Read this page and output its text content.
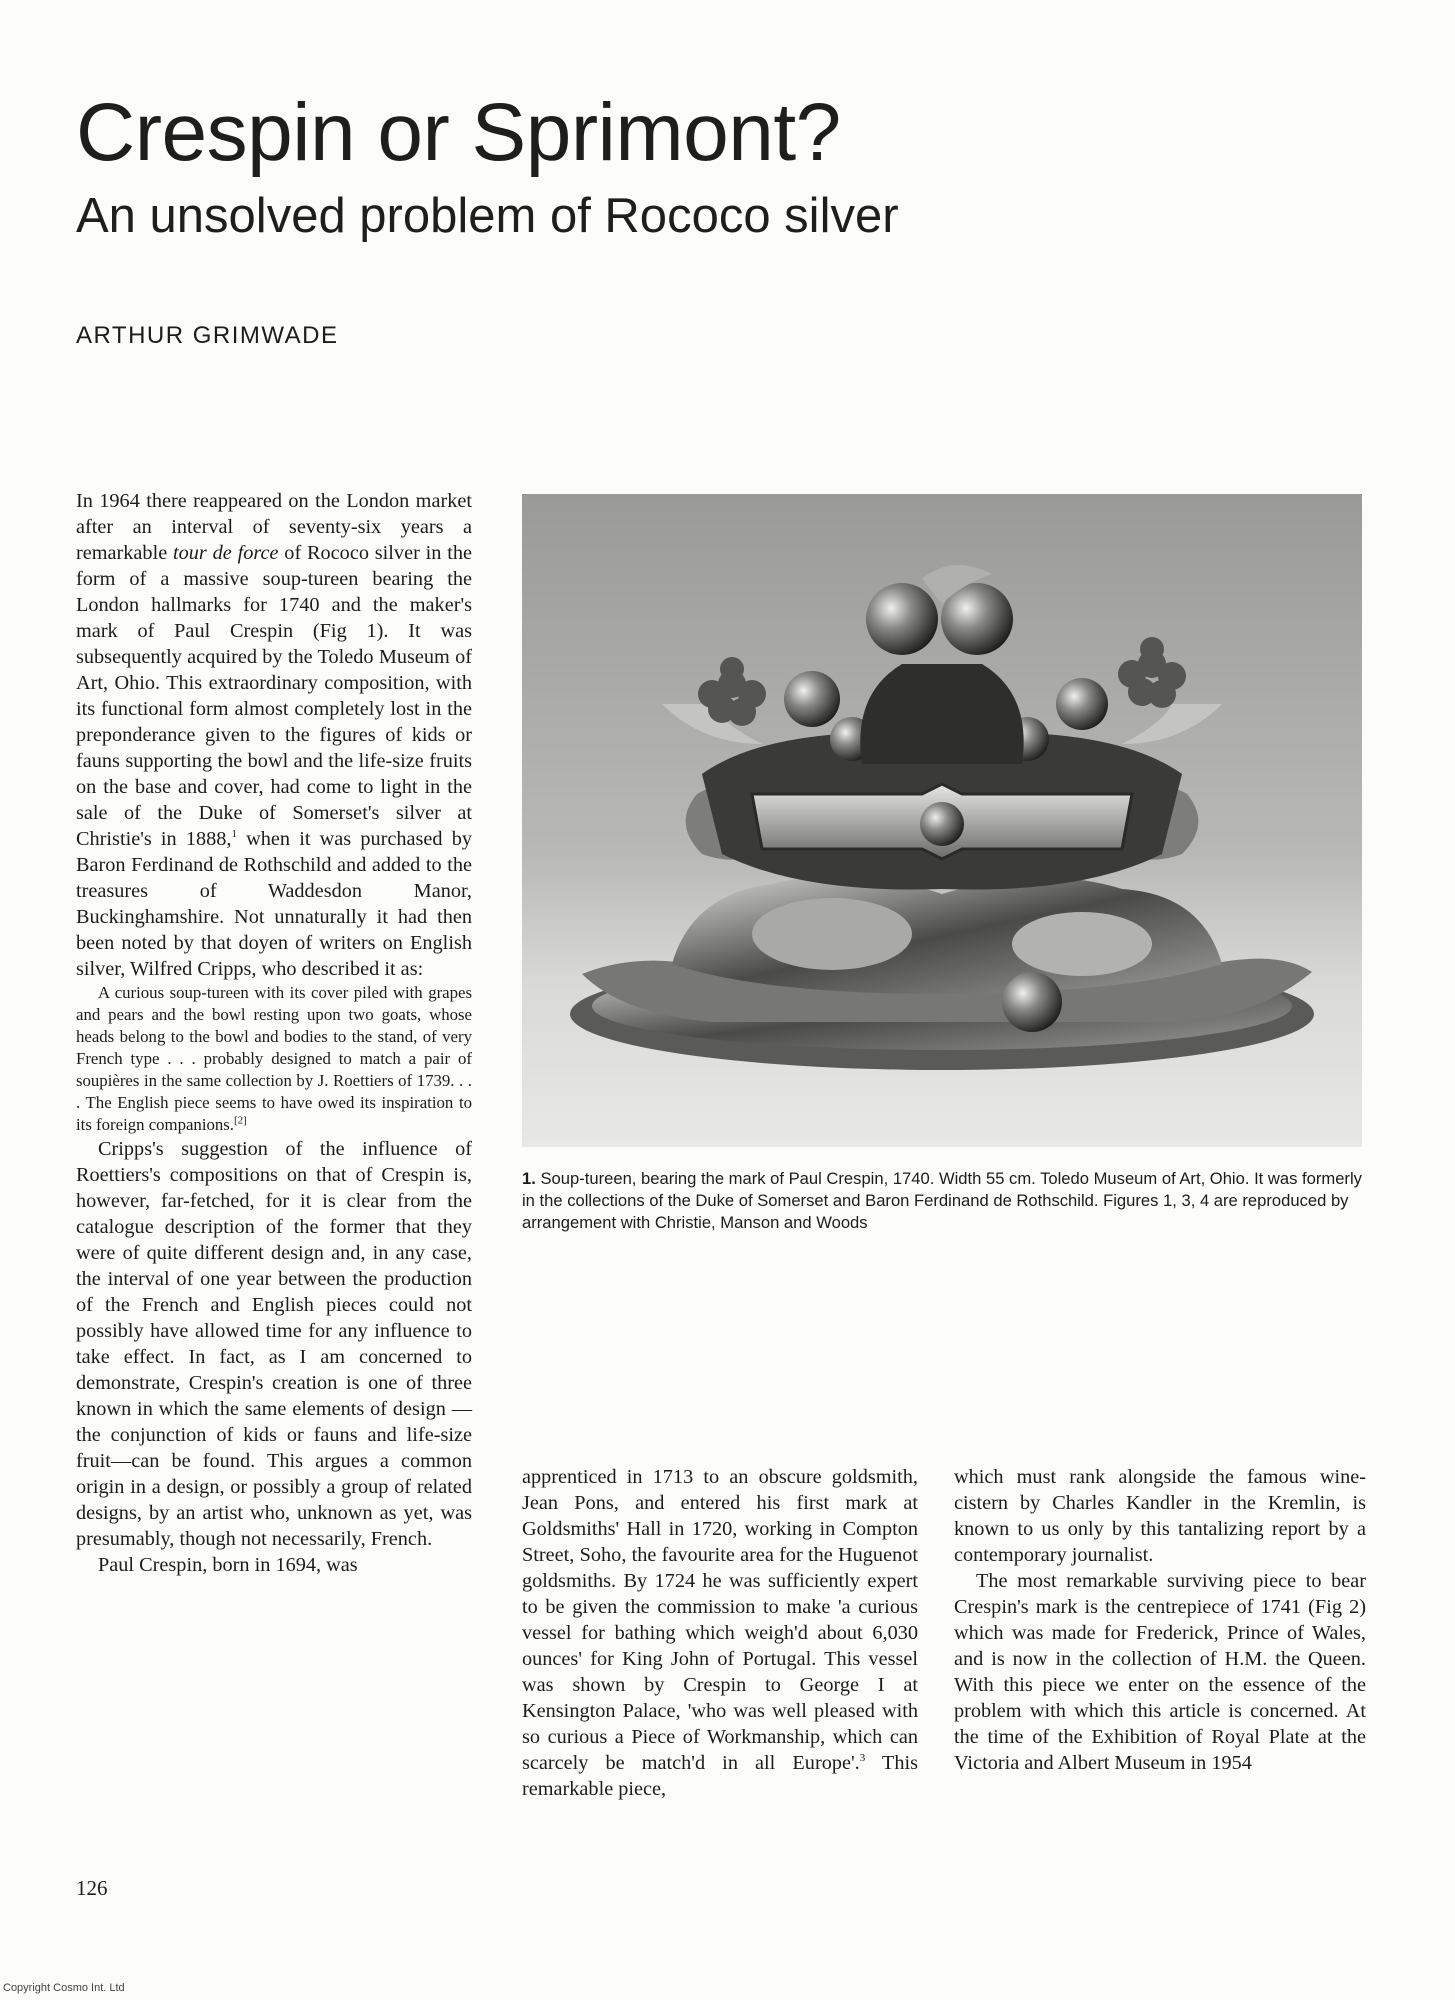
Crespin or Sprimont?
An unsolved problem of Rococo silver
ARTHUR GRIMWADE

In 1964 there reappeared on the London market after an interval of seventy-six years a remarkable tour de force of Rococo silver in the form of a massive soup-tureen bearing the London hallmarks for 1740 and the maker's mark of Paul Crespin (Fig 1). It was subsequently acquired by the Toledo Museum of Art, Ohio. This extraordinary composition, with its functional form almost completely lost in the preponderance given to the figures of kids or fauns supporting the bowl and the life-size fruits on the base and cover, had come to light in the sale of the Duke of Somerset's silver at Christie's in 1888,$^1$ when it was purchased by Baron Ferdinand de Rothschild and added to the treasures of Waddesdon Manor, Buckinghamshire. Not unnaturally it had then been noted by that doyen of writers on English silver, Wilfred Cripps, who described it as:

A curious soup-tureen with its cover piled with grapes and pears and the bowl resting upon two goats, whose heads belong to the bowl and bodies to the stand, of very French type . . . probably designed to match a pair of soupières in the same collection by J. Roettiers of 1739. . . . The English piece seems to have owed its inspiration to its foreign companions.[2]

Cripps's suggestion of the influence of Roettiers's compositions on that of Crespin is, however, far-fetched, for it is clear from the catalogue description of the former that they were of quite different design and, in any case, the interval of one year between the production of the French and English pieces could not possibly have allowed time for any influence to take effect. In fact, as I am concerned to demonstrate, Crespin's creation is one of three known in which the same elements of design —the conjunction of kids or fauns and life-size fruit—can be found. This argues a common origin in a design, or possibly a group of related designs, by an artist who, unknown as yet, was presumably, though not necessarily, French.

Paul Crespin, born in 1694, was

apprenticed in 1713 to an obscure goldsmith, Jean Pons, and entered his first mark at Goldsmiths' Hall in 1720, working in Compton Street, Soho, the favourite area for the Huguenot goldsmiths. By 1724 he was sufficiently expert to be given the commission to make 'a curious vessel for bathing which weigh'd about 6,030 ounces' for King John of Portugal. This vessel was shown by Crespin to George I at Kensington Palace, 'who was well pleased with so curious a Piece of Workmanship, which can scarcely be match'd in all Europe'.$^3$ This remarkable piece,

which must rank alongside the famous wine-cistern by Charles Kandler in the Kremlin, is known to us only by this tantalizing report by a contemporary journalist.

The most remarkable surviving piece to bear Crespin's mark is the centrepiece of 1741 (Fig 2) which was made for Frederick, Prince of Wales, and is now in the collection of H.M. the Queen. With this piece we enter on the essence of the problem with which this article is concerned. At the time of the Exhibition of Royal Plate at the Victoria and Albert Museum in 1954

1. Soup-tureen, bearing the mark of Paul Crespin, 1740. Width 55 cm. Toledo Museum of Art, Ohio. It was formerly in the collections of the Duke of Somerset and Baron Ferdinand de Rothschild. Figures 1, 3, 4 are reproduced by arrangement with Christie, Manson and Woods
126
Copyright Cosmo Int. Ltd
